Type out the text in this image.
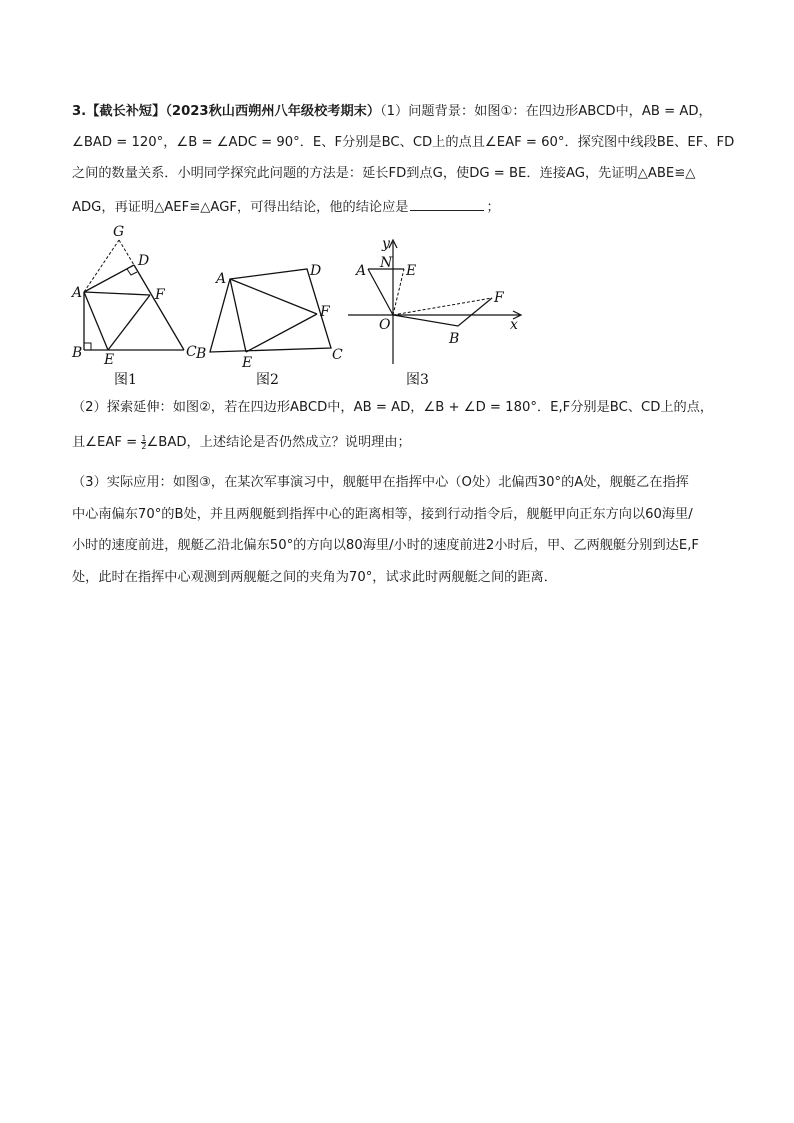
3.【截长补短】（2023秋山西朔州八年级校考期末）（1）问题背景：如图①：在四边形ABCD中，AB = AD，
∠BAD = 120°，∠B = ∠ADC = 90°．E、F分别是BC、CD上的点且∠EAF = 60°．探究图中线段BE、EF、FD
之间的数量关系．小明同学探究此问题的方法是：延长FD到点G，使DG = BE．连接AG，先证明△ABE≌△
ADG，再证明△AEF≌△AGF，可得出结论，他的结论应是	；
G
D
A	F
B E	C
图1
A	D
F
B
E	C
图2
y
x
A N E
F
O
B
图3
（2）探索延伸：如图②，若在四边形ABCD中，AB = AD，∠B + ∠D = 180°．E,F分别是BC、CD上的点，
且∠EAF = $\frac{1}{2}$ ∠BAD，上述结论是否仍然成立？说明理由；
（3）实际应用：如图③，在某次军事演习中，舰艇甲在指挥中心（O处）北偏西30°的A处，舰艇乙在指挥
中心南偏东70°的B处，并且两舰艇到指挥中心的距离相等，接到行动指令后，舰艇甲向正东方向以60海里/
小时的速度前进，舰艇乙沿北偏东50°的方向以80海里/小时的速度前进2小时后，甲、乙两舰艇分别到达E,F
处，此时在指挥中心观测到两舰艇之间的夹角为70°，试求此时两舰艇之间的距离．
